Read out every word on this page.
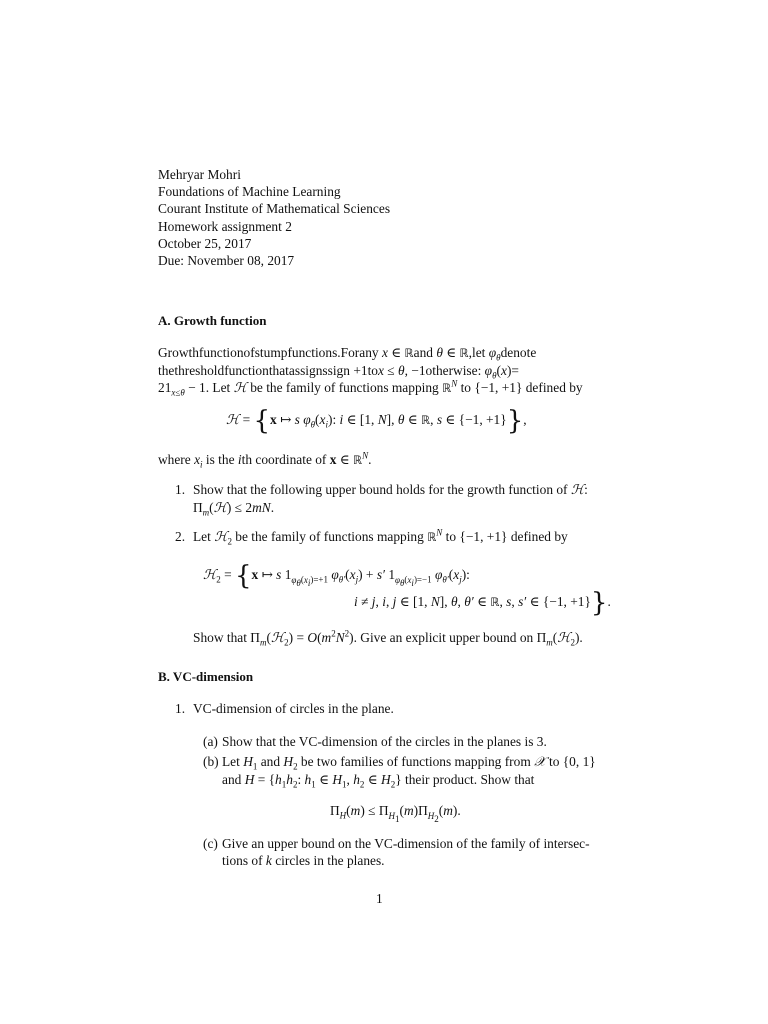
Mehryar Mohri
Foundations of Machine Learning
Courant Institute of Mathematical Sciences
Homework assignment 2
October 25, 2017
Due: November 08, 2017
A. Growth function
Growthfunctionofstumpfunctions.Forany x ∈ ℝand θ ∈ ℝ,let $\varphi_\theta denote$
thethresholdfunctionthatassignssign +1tox ≤ θ, −1otherwise: $\varphi_\theta(x)=$
$21_{x\le\theta} - 1$. Let ℋ be the family of functions mapping ℝ$^N$ to {−1, +1} defined by
ℋ = {x ↦ s $\varphi_\theta(x_i)$: i ∈ [1, N], θ ∈ ℝ, s ∈ {−1, +1}},
where $x_i$ is the ith coordinate of x ∈ ℝ$^N$.
1. Show that the following upper bound holds for the growth function of ℋ:
$\Pi_m(ℋ) \le 2mN$.
2. Let ℋ$_2$ be the family of functions mapping ℝ$^N$ to {−1, +1} defined by
ℋ$_2$ = {x ↦ s $1_{\varphi_\theta(x_i)=+1}$ $\varphi_{\theta'}(x_j) + s'$ $1_{\varphi_\theta(x_i)=-1}$ $\varphi_{\theta'}(x_j)$:
i ≠ j, i, j ∈ [1, N], θ, θ′ ∈ ℝ, s, s′ ∈ {−1, +1}}.
Show that $\Pi_m(ℋ_2) = O(m^2N^2)$. Give an explicit upper bound on $\Pi_m(ℋ_2)$.
B. VC-dimension
1. VC-dimension of circles in the plane.
(a) Show that the VC-dimension of the circles in the planes is 3.
(b) Let $H_1$ and $H_2$ be two families of functions mapping from 𝒳 to {0, 1}
and $H = \{h_1h_2$: $h_1$ ∈ $H_1$, $h_2$ ∈ $H_2$} their product. Show that
$\Pi_H(m) \le \Pi_{H_1}(m)\Pi_{H_2}(m)$.
(c) Give an upper bound on the VC-dimension of the family of intersec-
tions of k circles in the planes.
1
